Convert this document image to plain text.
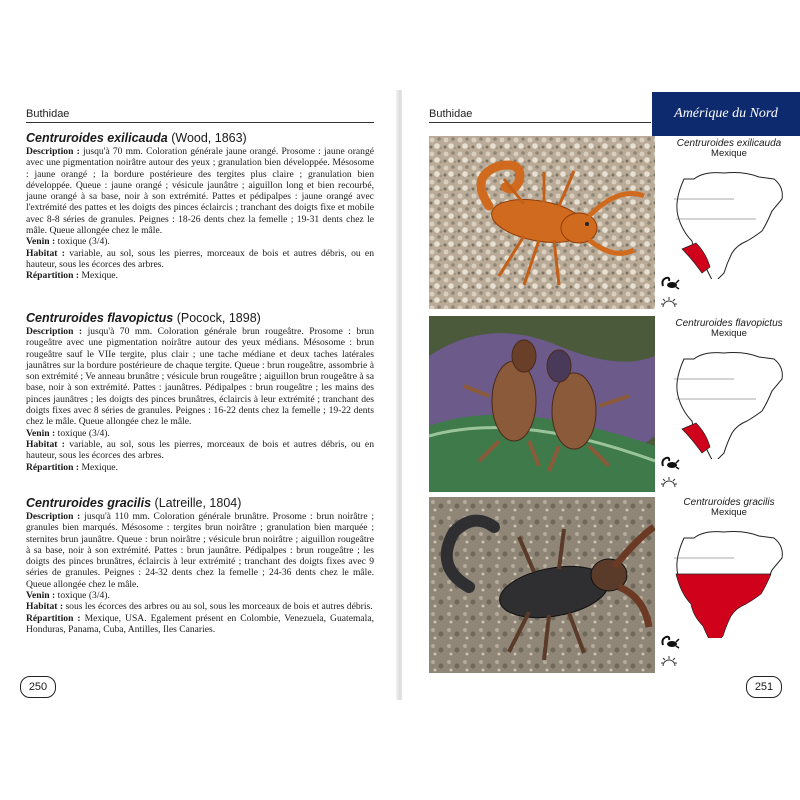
Buthidae
Centruroides exilicauda (Wood, 1863)

Description : jusqu'à 70 mm. Coloration générale jaune orangé. Prosome : jaune orangé avec une pigmentation noirâtre autour des yeux ; granulation bien développée. Mésosome : jaune orangé ; la bordure postérieure des tergites plus claire ; granulation bien développée. Queue : jaune orangé ; vésicule jaunâtre ; aiguillon long et bien recourbé, jaune orangé à sa base, noir à son extrémité. Pattes et pédipalpes : jaune orangé avec l'extrémité des pattes et les doigts des pinces éclaircis ; tranchant des doigts fixe et mobile avec 8-8 séries de granules. Peignes : 18-26 dents chez la femelle ; 19-31 dents chez le mâle. Queue allongée chez le mâle.

Venin : toxique (3/4).

Habitat : variable, au sol, sous les pierres, morceaux de bois et autres débris, ou en hauteur, sous les écorces des arbres.

Répartition : Mexique.

Centruroides flavopictus (Pocock, 1898)

Description : jusqu'à 70 mm. Coloration générale brun rougeâtre. Prosome : brun rougeâtre avec une pigmentation noirâtre autour des yeux médians. Mésosome : brun rougeâtre sauf le VIIe tergite, plus clair ; une tache médiane et deux taches latérales jaunâtres sur la bordure postérieure de chaque tergite. Queue : brun rougeâtre, assombrie à son extrémité ; Ve anneau brunâtre ; vésicule brun rougeâtre ; aiguillon brun rougeâtre à sa base, noir à son extrémité. Pattes : jaunâtres. Pédipalpes : brun rougeâtre ; les mains des pinces jaunâtres ; les doigts des pinces brunâtres, éclaircis à leur extrémité ; tranchant des doigts fixes avec 8 séries de granules. Peignes : 16-22 dents chez la femelle ; 19-22 dents chez le mâle. Queue allongée chez le mâle.

Venin : toxique (3/4).

Habitat : variable, au sol, sous les pierres, morceaux de bois et autres débris, ou en hauteur, sous les écorces des arbres.

Répartition : Mexique.

Centruroides gracilis (Latreille, 1804)

Description : jusqu'à 110 mm. Coloration générale brunâtre. Prosome : brun noirâtre ; granules bien marqués. Mésosome : tergites brun noirâtre ; granulation bien marquée ; sternites brun jaunâtre. Queue : brun noirâtre ; vésicule brun noirâtre ; aiguillon rougeâtre à sa base, noir à son extrémité. Pattes : brun jaunâtre. Pédipalpes : brun rougeâtre ; les doigts des pinces brunâtres, éclaircis à leur extrémité ; tranchant des doigts fixes avec 9 séries de granules. Peignes : 24-32 dents chez la femelle ; 24-36 dents chez le mâle. Queue allongée chez le mâle.

Venin : toxique (3/4).

Habitat : sous les écorces des arbres ou au sol, sous les morceaux de bois et autres débris.

Répartition : Mexique, USA. Egalement présent en Colombie, Venezuela, Guatemala, Honduras, Panama, Cuba, Antilles, Iles Canaries.

250
Buthidae	Amérique du Nord
Centruroides exilicauda
Mexique
Centruroides flavopictus
Mexique
Centruroides gracilis
Mexique
251
